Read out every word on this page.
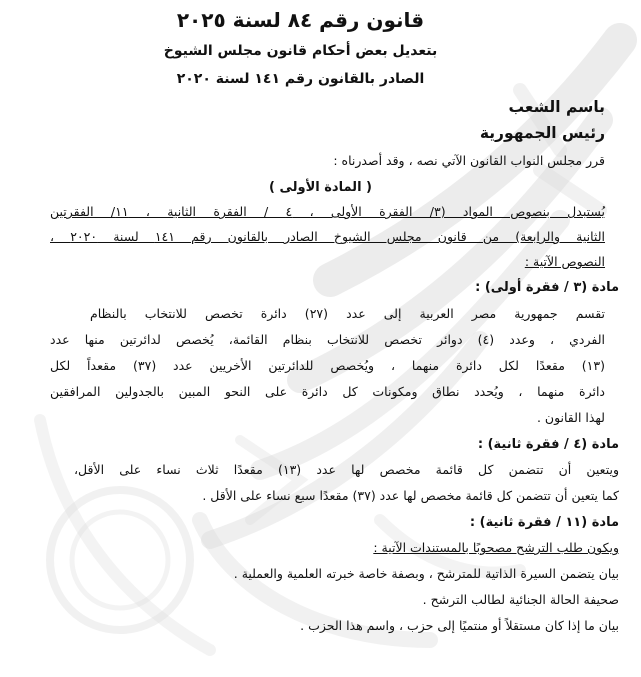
قانون رقم ٨٤ لسنة ٢٠٢٥
بتعديل بعض أحكام قانون مجلس الشيوخ
الصادر بالقانون رقم ١٤١ لسنة ٢٠٢٠
باسم الشعب
رئيس الجمهورية
قرر مجلس النواب القانون الآتي نصه ، وقد أصدرناه :
( المادة الأولى )
يُستبدل بنصوص المواد (٣/ الفقرة الأولى ، ٤ / الفقرة الثانية ، ١١/ الفقرتين
الثانية والرابعة) من قانون مجلس الشيوخ الصادر بالقانون رقم ١٤١ لسنة ٢٠٢٠ ،
النصوص الآتية :
مادة (٣ / فقرة أولى) :
تقسم جمهورية مصر العربية إلى عدد (٢٧) دائرة تخصص للانتخاب بالنظام
الفردي ، وعدد (٤) دوائر تخصص للانتخاب بنظام القائمة، يُخصص لدائرتين منها عدد
(١٣) مقعدًا لكل دائرة منهما ، ويُخصص للدائرتين الأخريين عدد (٣٧) مقعداً لكل
دائرة منهما ، ويُحدد نطاق ومكونات كل دائرة على النحو المبين بالجدولين المرافقين
لهذا القانون .
مادة (٤ / فقرة ثانية) :
ويتعين أن تتضمن كل قائمة مخصص لها عدد (١٣) مقعدًا ثلاث نساء على الأقل،
كما يتعين أن تتضمن كل قائمة مخصص لها عدد (٣٧) مقعدًا سبع نساء على الأقل .
مادة (١١ / فقرة ثانية) :
ويكون طلب الترشح مصحوبًا بالمستندات الآتية :
بيان يتضمن السيرة الذاتية للمترشح ، وبصفة خاصة خبرته العلمية والعملية .
صحيفة الحالة الجنائية لطالب الترشح .
بيان ما إذا كان مستقلاً أو منتميًا إلى حزب ، واسم هذا الحزب .
